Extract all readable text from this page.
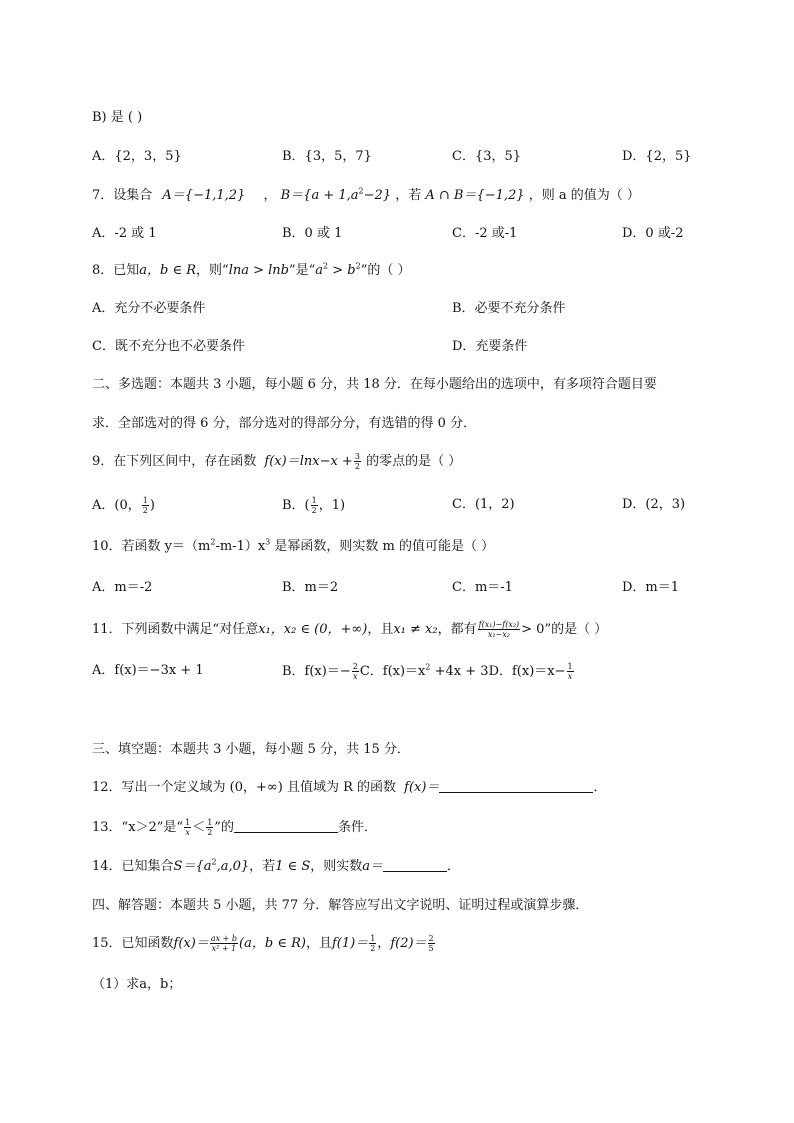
B) 是 ( )
A．{2，3，5}	B．{3，5，7}	C．{3，5}	D．{2，5}
7．设集合 A＝{−1,1,2} ， $B=\{a + 1,a^2-2\}$ ，若 A ∩ B＝{−1,2} ，则 a 的值为（ ）
A．-2 或 1	B．0 或 1	C．-2 或-1	D．0 或-2
8．已知a，b ∈ R，则“lna > lnb”是“$a^2 > b^2$”的（ ）
A．充分不必要条件	B．必要不充分条件
C．既不充分也不必要条件	D．充要条件
二、多选题：本题共 3 小题，每小题 6 分，共 18 分．在每小题给出的选项中，有多项符合题目要
求．全部选对的得 6 分，部分选对的得部分分，有选错的得 0 分．
9．在下列区间中，存在函数 $f(x)=\ln x-x + \frac{3}{2}$ 的零点的是（ ）
A．(0， $\frac{1}{2}$ )	B．( $\frac{1}{2}$ ，1)	C．(1，2)	D．(2，3)
10．若函数 $y=(m^2-m-1)x^3$ 是幂函数，则实数 m 的值可能是（ ）
A．m＝-2	B．m＝2	C．m＝-1	D．m＝1
11．下列函数中满足“对任意x₁，x₂ ∈ (0，+∞)，且x₁ ≠ x₂，都有 $\frac{\text{f(x₁)−f(x₂)}}{\text{x₁−x₂}} > 0$”的是（ ）
A．f(x)＝−3x + 1	B．$f(x)=- \frac{2}{x}$ C．$f(x)=x^2 +4x + 3D$．$f(x)=x- \frac{1}{x}$
三、填空题：本题共 3 小题，每小题 5 分，共 15 分．
12．写出一个定义域为 (0，+∞) 且值域为 R 的函数 f(x)＝	．
13．“x＞2”是“ $\frac{1}{x} < \frac{1}{2}$ ”的	条件．
14．已知集合$S=\{a^2,a,0\}$，若1 ∈ S，则实数a＝	．
四、解答题：本题共 5 小题，共 77 分．解答应写出文字说明、证明过程或演算步骤．
15．已知函数$f(x)= \frac{ax + b}{\text{x² + 1}} (a$，b ∈ R)，且$f(1)= \frac{1}{2}$ ，$f(2)= \frac{2}{5}$
（1）求a，b；
